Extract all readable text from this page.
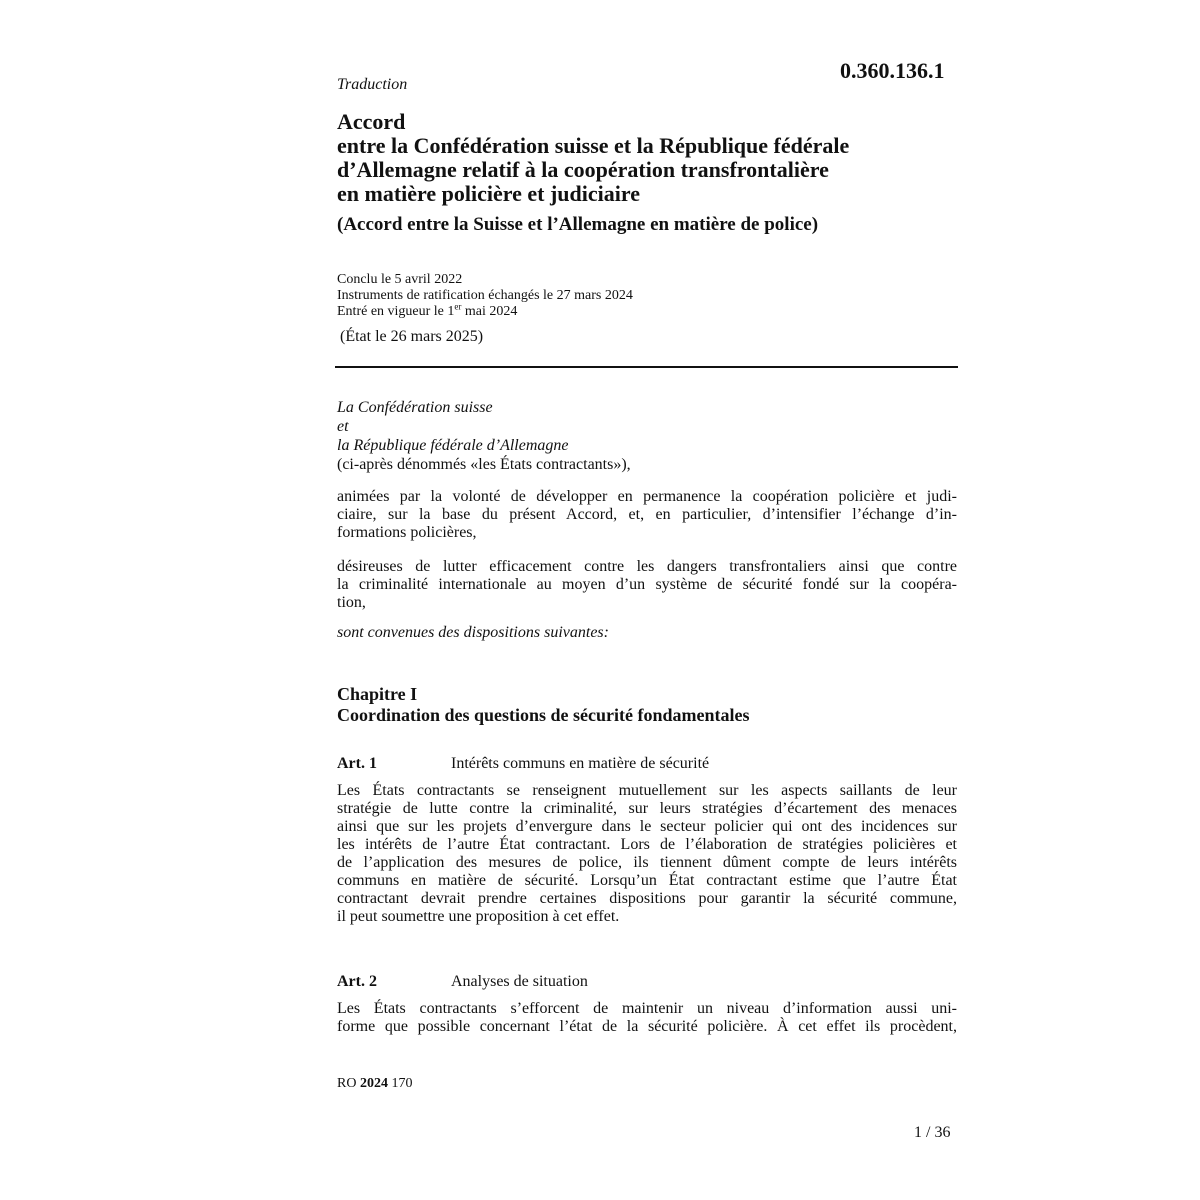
0.360.136.1
Traduction
Accord
entre la Confédération suisse et la République fédérale
d’Allemagne relatif à la coopération transfrontalière
en matière policière et judiciaire
(Accord entre la Suisse et l’Allemagne en matière de police)
Conclu le 5 avril 2022
Instruments de ratification échangés le 27 mars 2024
Entré en vigueur le 1er mai 2024
(État le 26 mars 2025)
La Confédération suisse
et
la République fédérale d’Allemagne
(ci-après dénommés «les États contractants»),
animées par la volonté de développer en permanence la coopération policière et judi-
ciaire, sur la base du présent Accord, et, en particulier, d’intensifier l’échange d’in-
formations policières,
désireuses de lutter efficacement contre les dangers transfrontaliers ainsi que contre
la criminalité internationale au moyen d’un système de sécurité fondé sur la coopéra-
tion,
sont convenues des dispositions suivantes:
Chapitre I
Coordination des questions de sécurité fondamentales
Art. 1	Intérêts communs en matière de sécurité
Les États contractants se renseignent mutuellement sur les aspects saillants de leur
stratégie de lutte contre la criminalité, sur leurs stratégies d’écartement des menaces
ainsi que sur les projets d’envergure dans le secteur policier qui ont des incidences sur
les intérêts de l’autre État contractant. Lors de l’élaboration de stratégies policières et
de l’application des mesures de police, ils tiennent dûment compte de leurs intérêts
communs en matière de sécurité. Lorsqu’un État contractant estime que l’autre État
contractant devrait prendre certaines dispositions pour garantir la sécurité commune,
il peut soumettre une proposition à cet effet.
Art. 2	Analyses de situation
Les États contractants s’efforcent de maintenir un niveau d’information aussi uni-
forme que possible concernant l’état de la sécurité policière. À cet effet ils procèdent,
RO 2024 170
1 / 36
